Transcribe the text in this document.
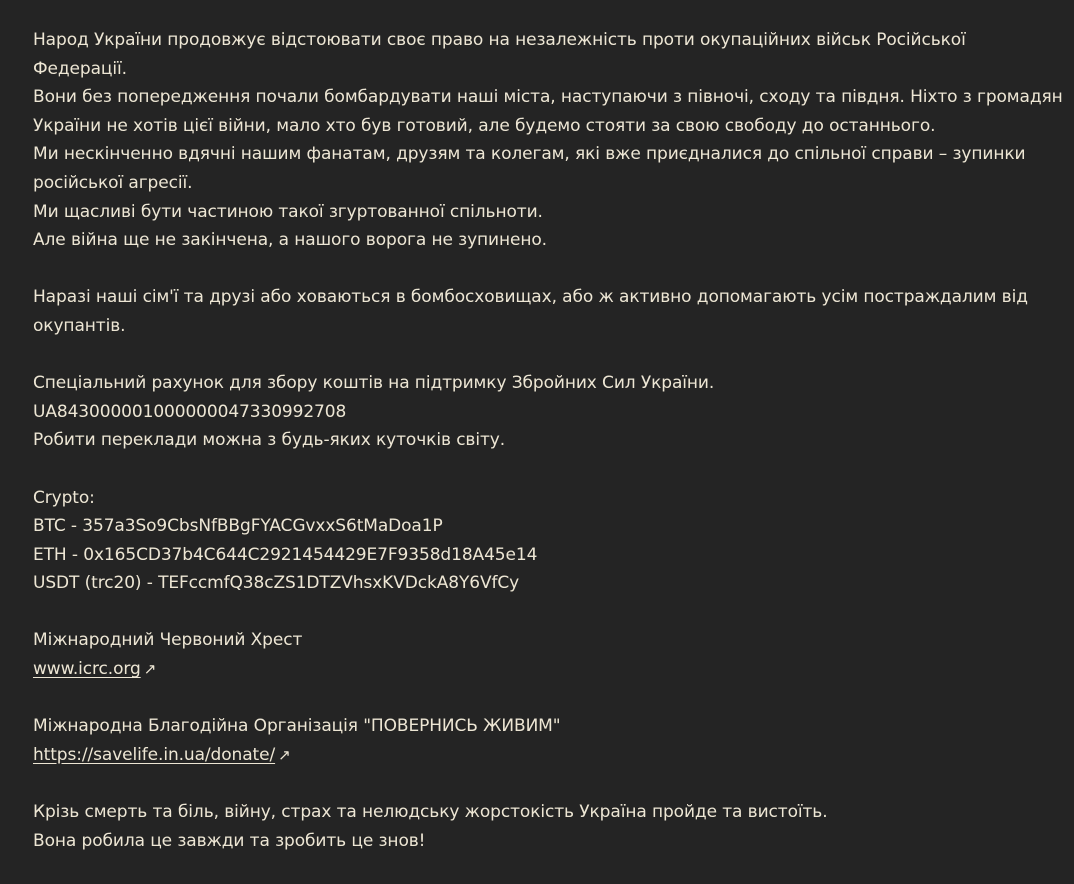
Народ України продовжує відстоювати своє право на незалежність проти окупаційних військ Російської Федерації.
Вони без попередження почали бомбардувати наші міста, наступаючи з півночі, сходу та півдня. Ніхто з громадян України не хотів цієї війни, мало хто був готовий, але будемо стояти за свою свободу до останнього.
Ми нескінченно вдячні нашим фанатам, друзям та колегам, які вже приєдналися до спільної справи – зупинки російської агресії.
Ми щасливі бути частиною такої згуртованної спільноти.
Але війна ще не закінчена, а нашого ворога не зупинено.
Наразі наші сім'ї та друзі або ховаються в бомбосховищах, або ж активно допомагають усім постраждалим від окупантів.
Спеціальний рахунок для збору коштів на підтримку Збройних Сил України.
UA843000001000000047330992708
Робити переклади можна з будь-яких куточків світу.
Crypto:
BTC - 357a3So9CbsNfBBgFYACGvxxS6tMaDoa1P
ETH - 0x165CD37b4C644C2921454429E7F9358d18A45e14
USDT (trc20) - TEFccmfQ38cZS1DTZVhsxKVDckA8Y6VfCy
Міжнародний Червоний Хрест
www.icrc.org ↗
Міжнародна Благодійна Організація "ПОВЕРНИСЬ ЖИВИМ"
https://savelife.in.ua/donate/ ↗
Крізь смерть та біль, війну, страх та нелюдську жорстокість Україна пройде та вистоїть.
Вона робила це завжди та зробить це знов!
